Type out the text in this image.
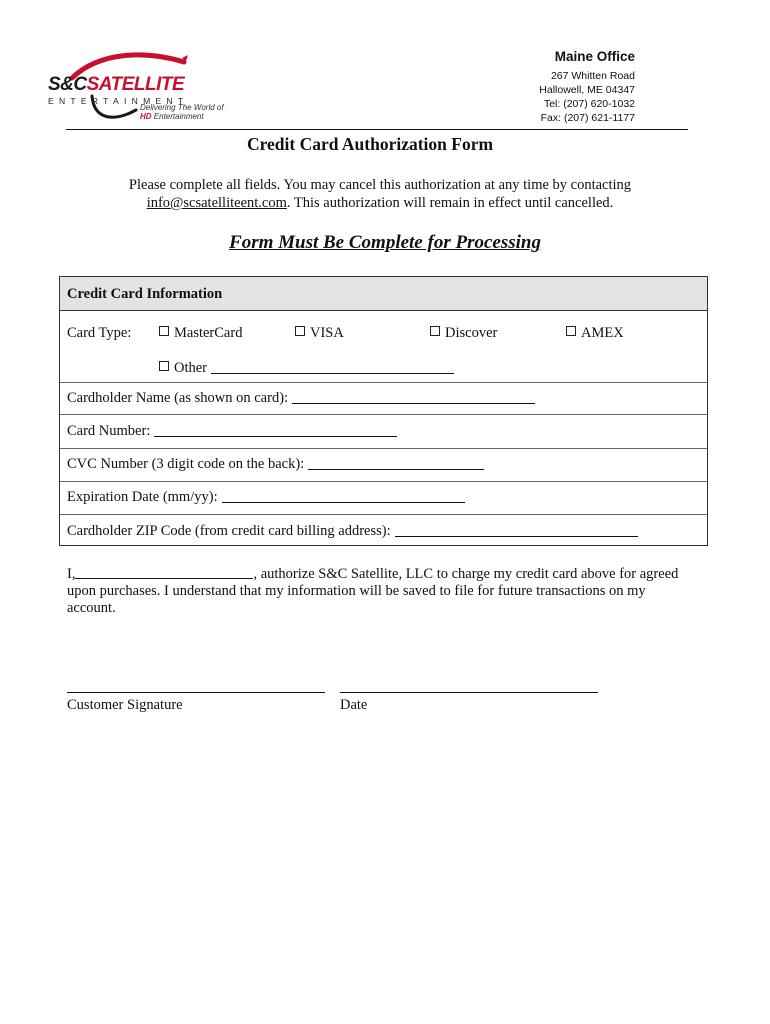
S&CSATELLITE
ENTERTAINMENT
Delivering The World of
HD Entertainment
Maine Office
267 Whitten Road
Hallowell, ME 04347
Tel: (207) 620-1032
Fax: (207) 621-1177
Credit Card Authorization Form
Please complete all fields. You may cancel this authorization at any time by contacting
info@scsatelliteent.com. This authorization will remain in effect until cancelled.
Form Must Be Complete for Processing
Credit Card Information
Card Type:	MasterCard	VISA	Discover	AMEX
Other
Cardholder Name (as shown on card):
Card Number:
CVC Number (3 digit code on the back):
Expiration Date (mm/yy):
Cardholder ZIP Code (from credit card billing address):
I,	, authorize S&C Satellite, LLC to charge my credit card above for agreed upon purchases. I understand that my information will be saved to file for future transactions on my account.
Customer Signature	Date
